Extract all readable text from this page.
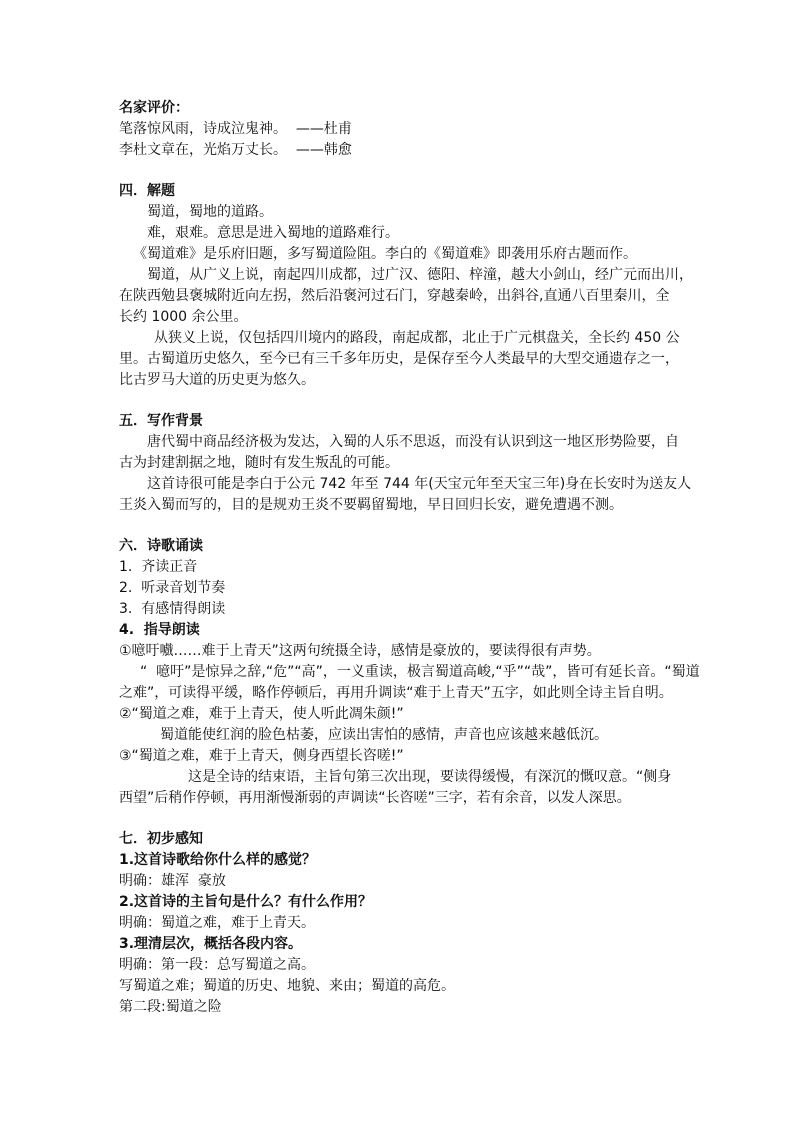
名家评价：
笔落惊风雨，诗成泣鬼神。  ——杜甫
李杜文章在，光焰万丈长。  ——韩愈
四．解题
蜀道，蜀地的道路。
难，艰难。意思是进入蜀地的道路难行。
《蜀道难》是乐府旧题，多写蜀道险阻。李白的《蜀道难》即袭用乐府古题而作。
蜀道，从广义上说，南起四川成都，过广汉、德阳、梓潼，越大小剑山，经广元而出川，
在陕西勉县褒城附近向左拐，然后沿褒河过石门，穿越秦岭，出斜谷,直通八百里秦川，全
长约 1000 余公里。
从狭义上说，仅包括四川境内的路段，南起成都，北止于广元棋盘关，全长约 450 公
里。古蜀道历史悠久，至今已有三千多年历史，是保存至今人类最早的大型交通遗存之一，
比古罗马大道的历史更为悠久。
五．写作背景
唐代蜀中商品经济极为发达，入蜀的人乐不思返，而没有认识到这一地区形势险要，自
古为封建割据之地，随时有发生叛乱的可能。
这首诗很可能是李白于公元 742 年至 744 年(天宝元年至天宝三年)身在长安时为送友人
王炎入蜀而写的，目的是规劝王炎不要羁留蜀地，早日回归长安，避免遭遇不测。
六．诗歌诵读
1.  齐读正音
2.  听录音划节奏
3.  有感情得朗读
4.  指导朗读
①噫吁嚱……难于上青天”这两句统摄全诗，感情是豪放的，要读得很有声势。
“  噫吁”是惊异之辞,“危”“高”，一义重读，极言蜀道高峻,“乎”“哉”，皆可有延长音。“蜀道
之难”，可读得平缓，略作停顿后，再用升调读“难于上青天”五字，如此则全诗主旨自明。
②“蜀道之难，难于上青天，使人听此凋朱颜!”
蜀道能使红润的脸色枯萎，应读出害怕的感情，声音也应该越来越低沉。
③“蜀道之难，难于上青天，侧身西望长咨嗟!”
这是全诗的结束语，主旨句第三次出现，要读得缓慢，有深沉的慨叹意。“侧身
西望”后稍作停顿，再用渐慢渐弱的声调读“长咨嗟”三字，若有余音，以发人深思。
七．初步感知
1.这首诗歌给你什么样的感觉？
明确：雄浑  豪放
2.这首诗的主旨句是什么？有什么作用？
明确：蜀道之难，难于上青天。
3.理清层次，概括各段内容。
明确：第一段：总写蜀道之高。
写蜀道之难；蜀道的历史、地貌、来由；蜀道的高危。
第二段:蜀道之险
